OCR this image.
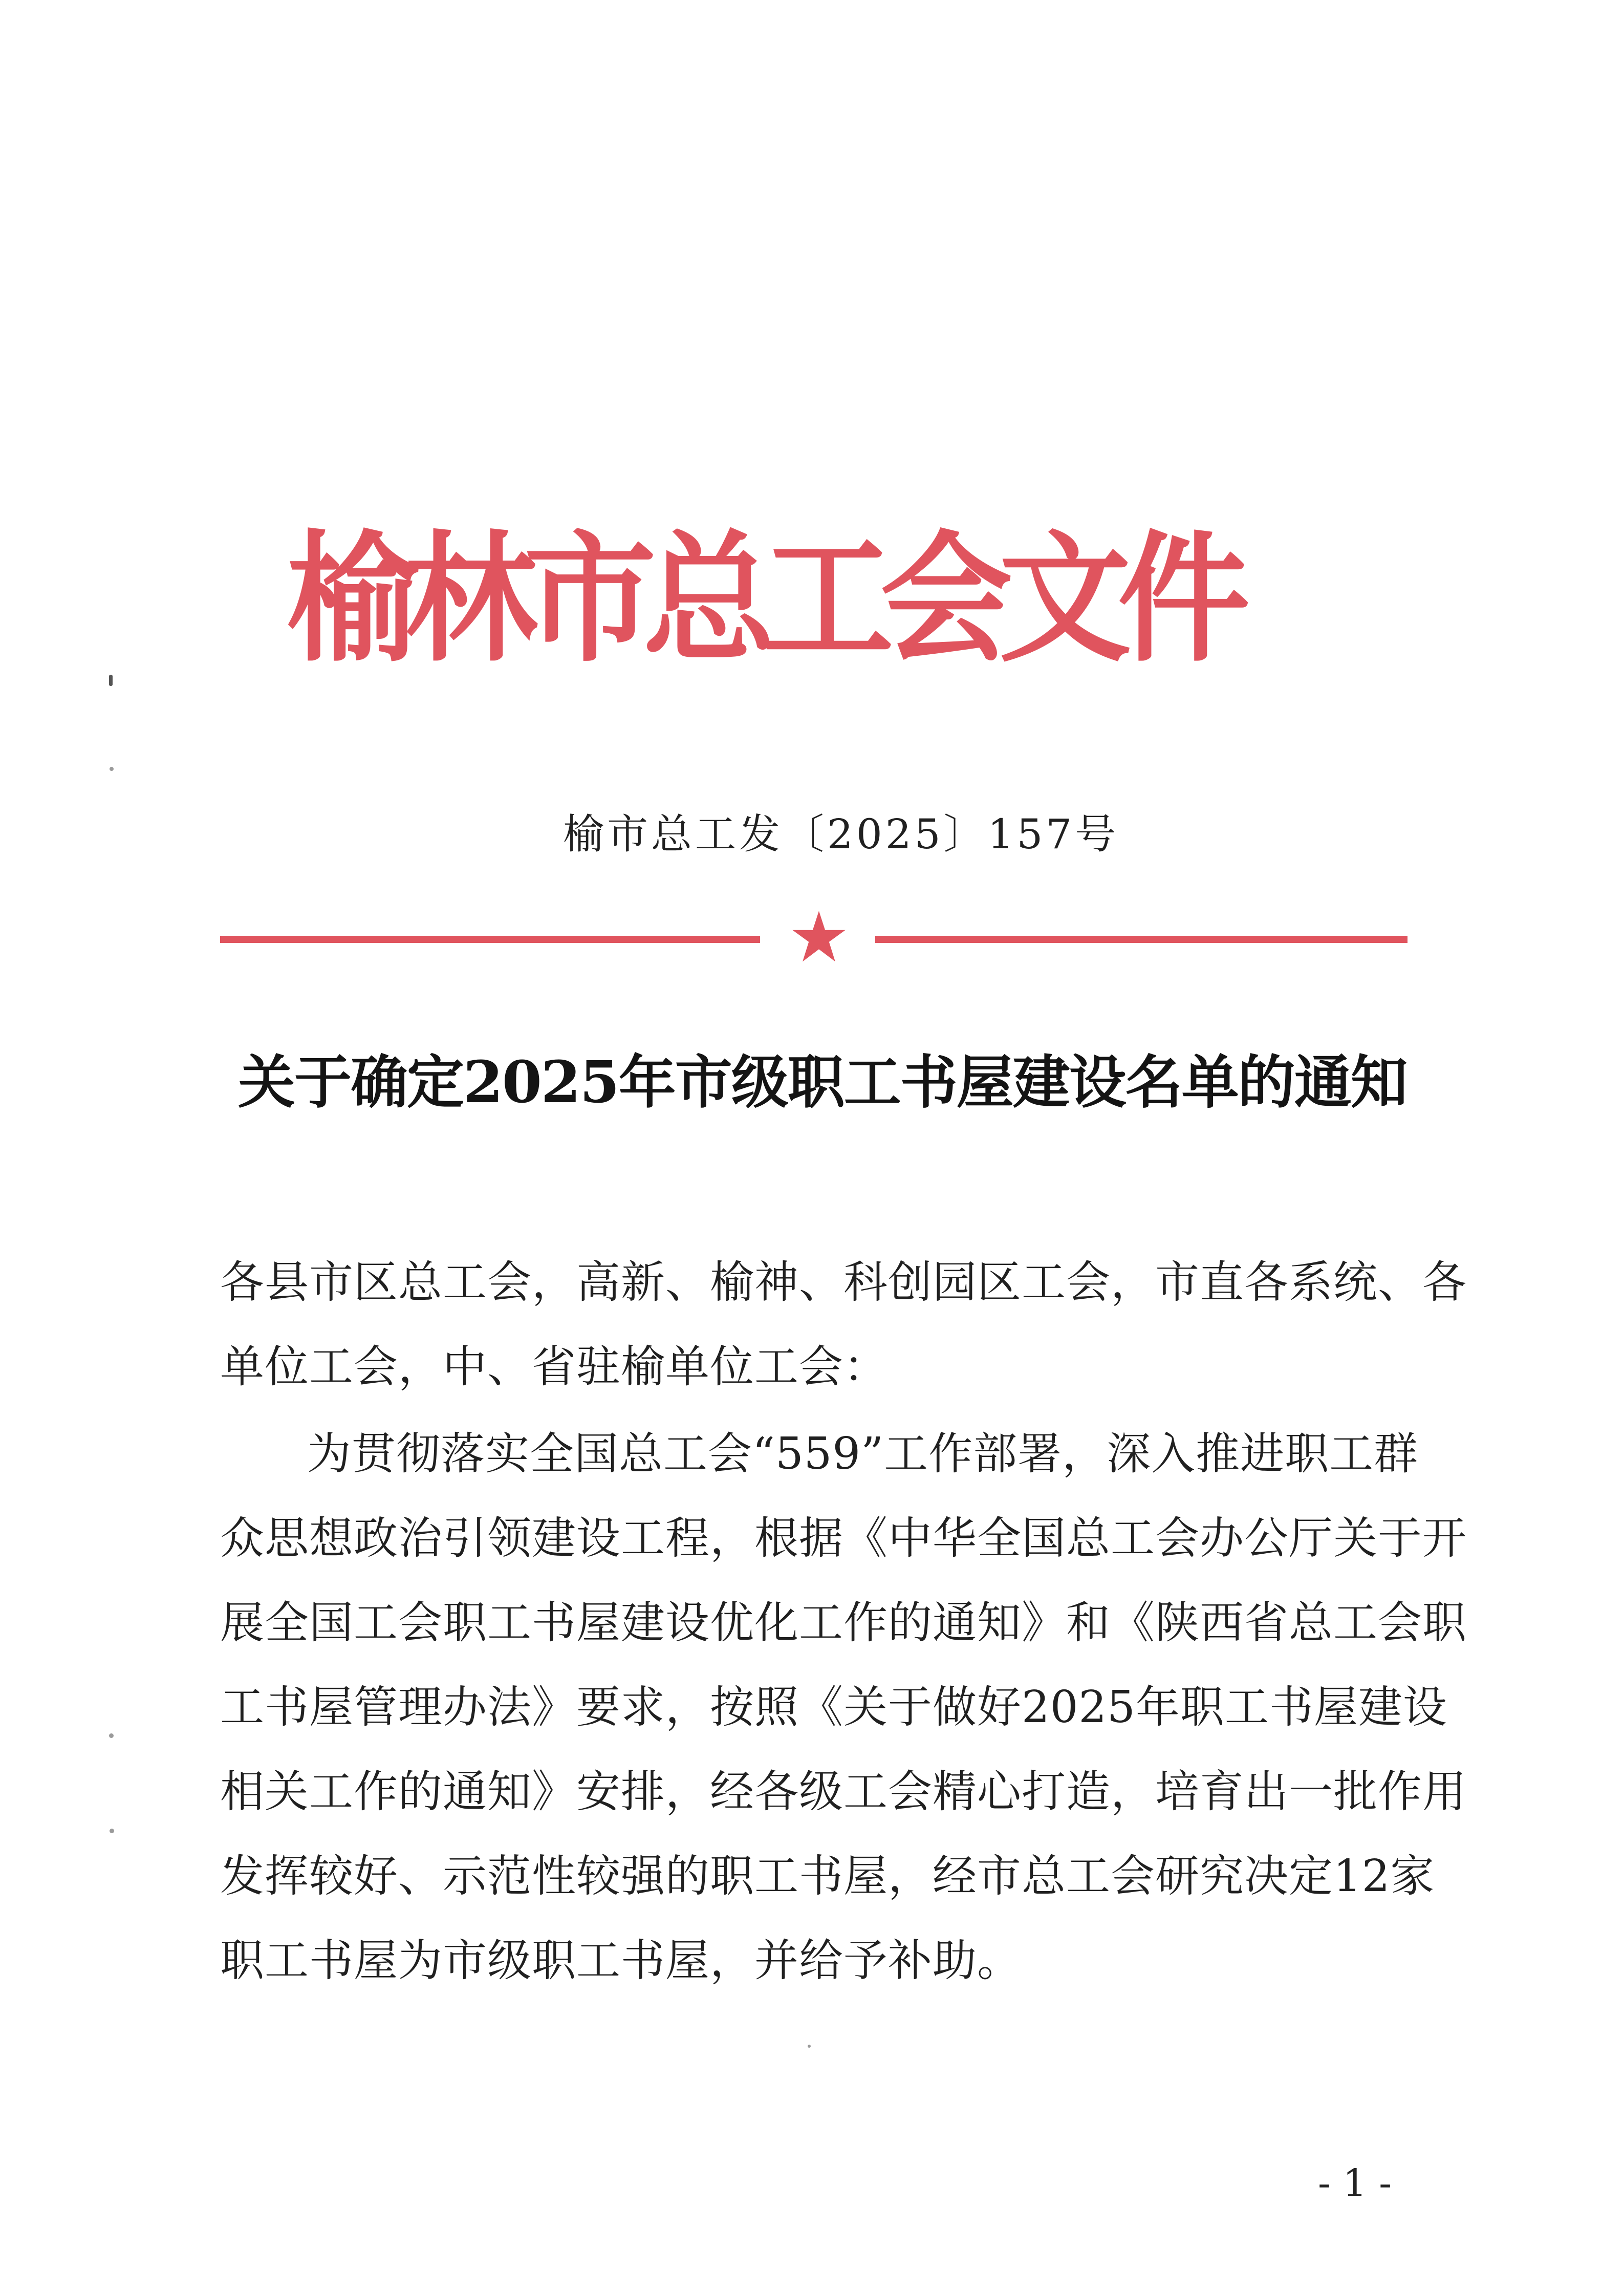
榆林市总工会文件
榆市总工发〔2025〕157号
关于确定2025年市级职工书屋建设名单的通知
各县市区总工会，高新、榆神、科创园区工会，市直各系统、各
单位工会，中、省驻榆单位工会：
为贯彻落实全国总工会“559”工作部署，深入推进职工群
众思想政治引领建设工程，根据《中华全国总工会办公厅关于开
展全国工会职工书屋建设优化工作的通知》和《陕西省总工会职
工书屋管理办法》要求，按照《关于做好2025年职工书屋建设
相关工作的通知》安排，经各级工会精心打造，培育出一批作用
发挥较好、示范性较强的职工书屋，经市总工会研究决定12家
职工书屋为市级职工书屋，并给予补助。
- 1 -
